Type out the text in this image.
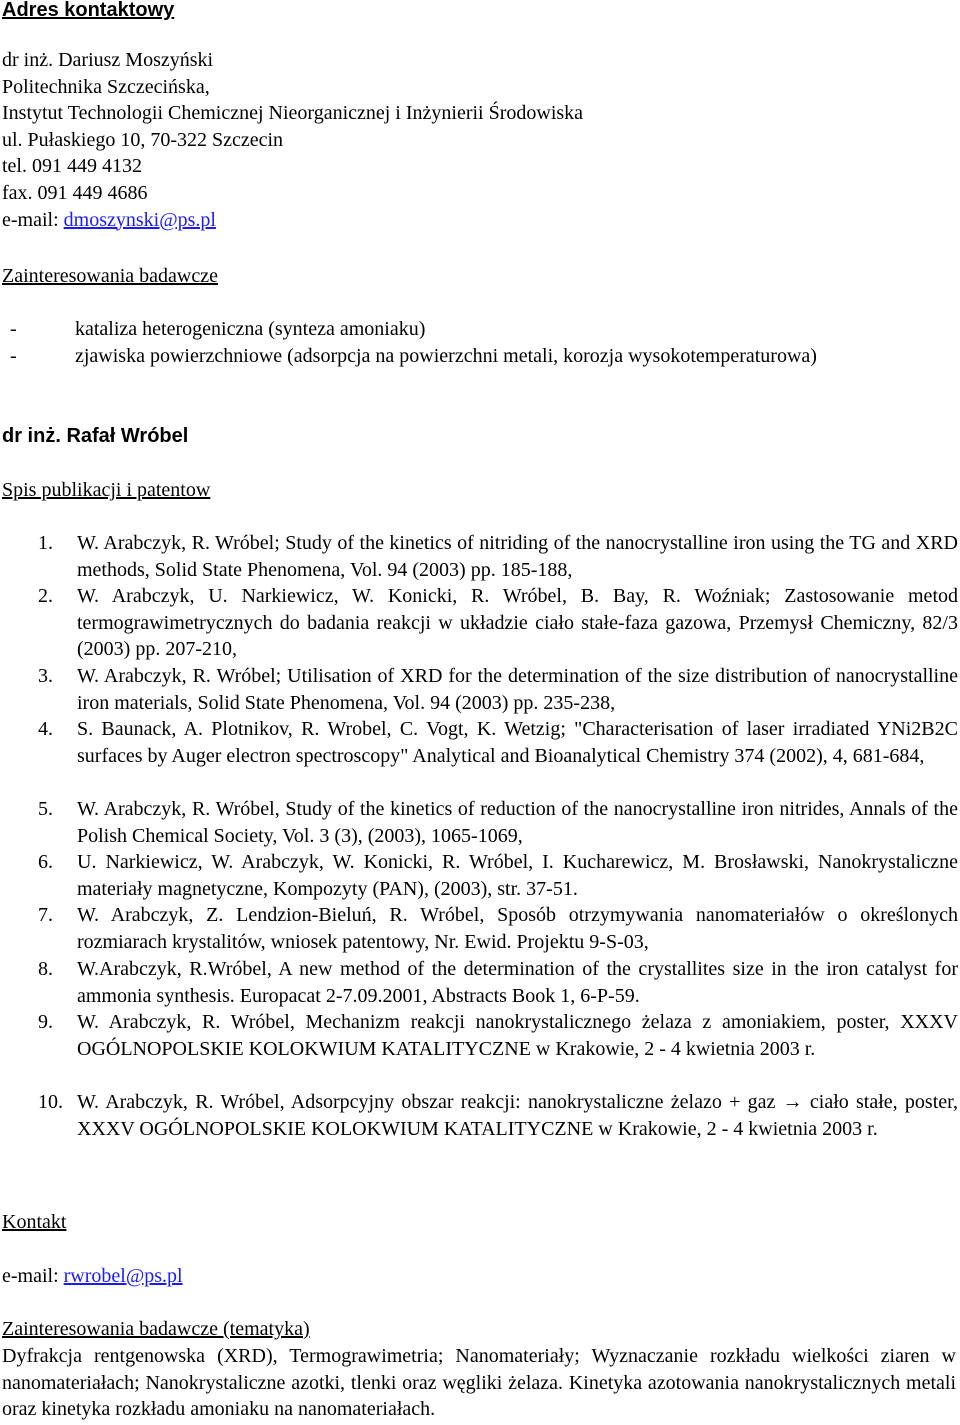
Adres kontaktowy
dr inż. Dariusz Moszyński
Politechnika Szczecińska,
Instytut Technologii Chemicznej Nieorganicznej i Inżynierii Środowiska
ul. Pułaskiego 10, 70-322 Szczecin
tel. 091 449 4132
fax. 091 449 4686
e-mail: dmoszynski@ps.pl
Zainteresowania badawcze
-	kataliza heterogeniczna (synteza amoniaku)
-	zjawiska powierzchniowe (adsorpcja na powierzchni metali, korozja wysokotemperaturowa)
dr inż. Rafał Wróbel
Spis publikacji i patentow
1. W. Arabczyk, R. Wróbel; Study of the kinetics of nitriding of the nanocrystalline iron using the TG and XRD methods, Solid State Phenomena, Vol. 94 (2003) pp. 185-188,
2. W. Arabczyk, U. Narkiewicz, W. Konicki, R. Wróbel, B. Bay, R. Woźniak; Zastosowanie metod termograwimetrycznych do badania reakcji w układzie ciało stałe-faza gazowa, Przemysł Chemiczny, 82/3 (2003) pp. 207-210,
3. W. Arabczyk, R. Wróbel; Utilisation of XRD for the determination of the size distribution of nanocrystalline iron materials, Solid State Phenomena, Vol. 94 (2003) pp. 235-238,
4. S. Baunack, A. Plotnikov, R. Wrobel, C. Vogt, K. Wetzig; "Characterisation of laser irradiated YNi2B2C surfaces by Auger electron spectroscopy" Analytical and Bioanalytical Chemistry 374 (2002), 4, 681-684,
5. W. Arabczyk, R. Wróbel, Study of the kinetics of reduction of the nanocrystalline iron nitrides, Annals of the Polish Chemical Society, Vol. 3 (3), (2003), 1065-1069,
6. U. Narkiewicz, W. Arabczyk, W. Konicki, R. Wróbel, I. Kucharewicz, M. Brosławski, Nanokrystaliczne materiały magnetyczne, Kompozyty (PAN), (2003), str. 37-51.
7. W. Arabczyk, Z. Lendzion-Bieluń, R. Wróbel, Sposób otrzymywania nanomateriałów o określonych rozmiarach krystalitów, wniosek patentowy, Nr. Ewid. Projektu 9-S-03,
8. W.Arabczyk, R.Wróbel, A new method of the determination of the crystallites size in the iron catalyst for ammonia synthesis. Europacat 2-7.09.2001, Abstracts Book 1, 6-P-59.
9. W. Arabczyk, R. Wróbel, Mechanizm reakcji nanokrystalicznego żelaza z amoniakiem, poster, XXXV OGÓLNOPOLSKIE KOLOKWIUM KATALITYCZNE w Krakowie, 2 - 4 kwietnia 2003 r.
10. W. Arabczyk, R. Wróbel, Adsorpcyjny obszar reakcji: nanokrystaliczne żelazo + gaz → ciało stałe, poster, XXXV OGÓLNOPOLSKIE KOLOKWIUM KATALITYCZNE w Krakowie, 2 - 4 kwietnia 2003 r.
Kontakt
e-mail: rwrobel@ps.pl
Zainteresowania badawcze (tematyka)
Dyfrakcja rentgenowska (XRD), Termograwimetria; Nanomateriały; Wyznaczanie rozkładu wielkości ziaren w nanomateriałach; Nanokrystaliczne azotki, tlenki oraz węgliki żelaza. Kinetyka azotowania nanokrystalicznych metali oraz kinetyka rozkładu amoniaku na nanomateriałach.
